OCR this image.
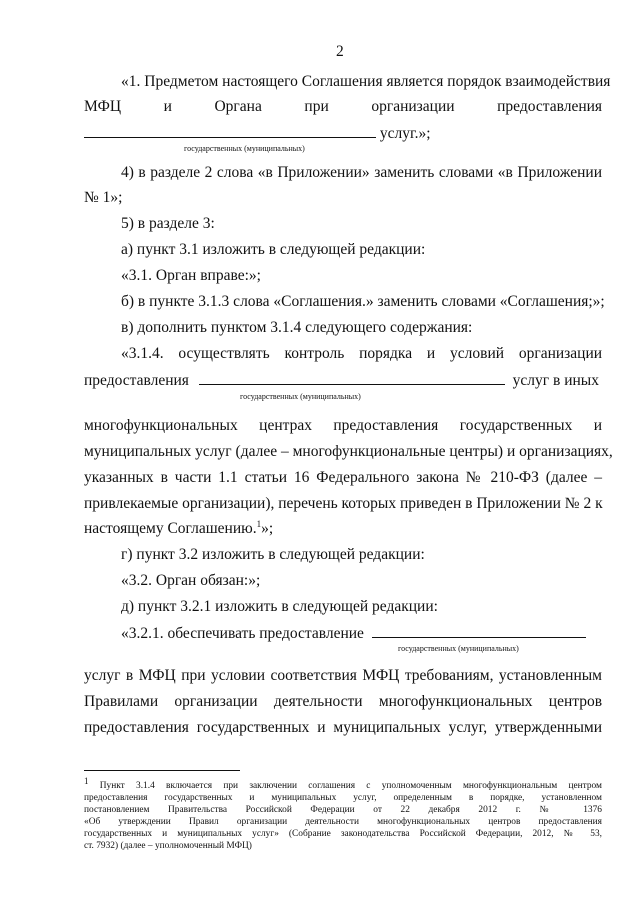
2
«1. Предметом настоящего Соглашения является порядок взаимодействия
МФЦ	и	Органа	при	организации	предоставления
услуг.»;
государственных (муниципальных)
4) в разделе 2 слова «в Приложении» заменить словами «в Приложении
№ 1»;
5) в разделе 3:
а) пункт 3.1 изложить в следующей редакции:
«3.1. Орган вправе:»;
б) в пункте 3.1.3 слова «Соглашения.» заменить словами «Соглашения;»;
в) дополнить пунктом 3.1.4 следующего содержания:
«3.1.4. осуществлять контроль порядка и условий организации
предоставления	услуг в иных
государственных (муниципальных)
многофункциональных центрах предоставления государственных и
муниципальных услуг (далее – многофункциональные центры) и организациях,
указанных в части 1.1 статьи 16 Федерального закона № 210-ФЗ (далее –
привлекаемые организации), перечень которых приведен в Приложении № 2 к
настоящему Соглашению.$^1$»;
г) пункт 3.2 изложить в следующей редакции:
«3.2. Орган обязан:»;
д) пункт 3.2.1 изложить в следующей редакции:
«3.2.1. обеспечивать предоставление
государственных (муниципальных)
услуг в МФЦ при условии соответствия МФЦ требованиям, установленным
Правилами организации деятельности многофункциональных центров
предоставления государственных и муниципальных услуг, утвержденными
$^1$ Пункт 3.1.4 включается при заключении соглашения с уполномоченным многофункциональным центром
предоставления государственных и муниципальных услуг, определенным в порядке, установленном
постановлением Правительства Российской Федерации от 22 декабря 2012 г. № 1376
«Об утверждении Правил организации деятельности многофункциональных центров предоставления
государственных и муниципальных услуг» (Собрание законодательства Российской Федерации, 2012, № 53,
ст. 7932) (далее – уполномоченный МФЦ)
